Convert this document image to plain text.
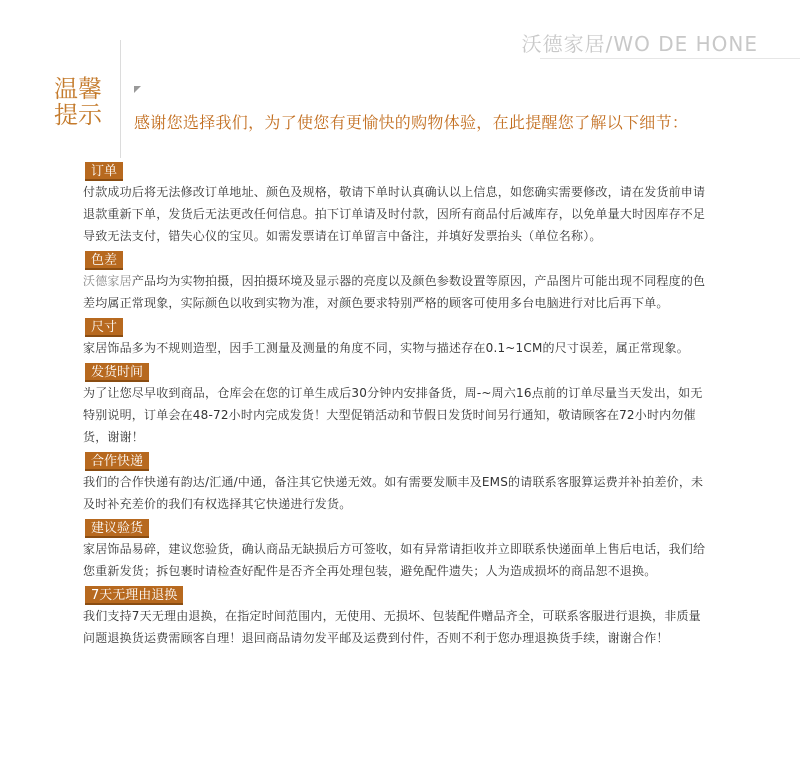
沃德家居/WO DE HONE
温馨
提示 感谢您选择我们，为了使您有更愉快的购物体验，在此提醒您了解以下细节：
订单
付款成功后将无法修改订单地址、颜色及规格，敬请下单时认真确认以上信息，如您确实需要修改，请在发货前申请退款重新下单，发货后无法更改任何信息。拍下订单请及时付款，因所有商品付后减库存，以免单量大时因库存不足导致无法支付，错失心仪的宝贝。如需发票请在订单留言中备注，并填好发票抬头（单位名称）。
色差
沃德家居产品均为实物拍摄，因拍摄环境及显示器的亮度以及颜色参数设置等原因，产品图片可能出现不同程度的色差均属正常现象，实际颜色以收到实物为准，对颜色要求特别严格的顾客可使用多台电脑进行对比后再下单。
尺寸
家居饰品多为不规则造型，因手工测量及测量的角度不同，实物与描述存在0.1~1CM的尺寸误差，属正常现象。
发货时间
为了让您尽早收到商品，仓库会在您的订单生成后30分钟内安排备货，周-~周六16点前的订单尽量当天发出，如无特别说明，订单会在48-72小时内完成发货！大型促销活动和节假日发货时间另行通知，敬请顾客在72小时内勿催货，谢谢！
合作快递
我们的合作快递有韵达/汇通/中通，备注其它快递无效。如有需要发顺丰及EMS的请联系客服算运费并补拍差价，未及时补充差价的我们有权选择其它快递进行发货。
建议验货
家居饰品易碎，建议您验货，确认商品无缺损后方可签收，如有异常请拒收并立即联系快递面单上售后电话，我们给您重新发货；拆包裹时请检查好配件是否齐全再处理包装，避免配件遗失；人为造成损坏的商品恕不退换。
7天无理由退换
我们支持7天无理由退换，在指定时间范围内，无使用、无损坏、包装配件赠品齐全，可联系客服进行退换，非质量问题退换货运费需顾客自理！退回商品请勿发平邮及运费到付件，否则不利于您办理退换货手续，谢谢合作！
